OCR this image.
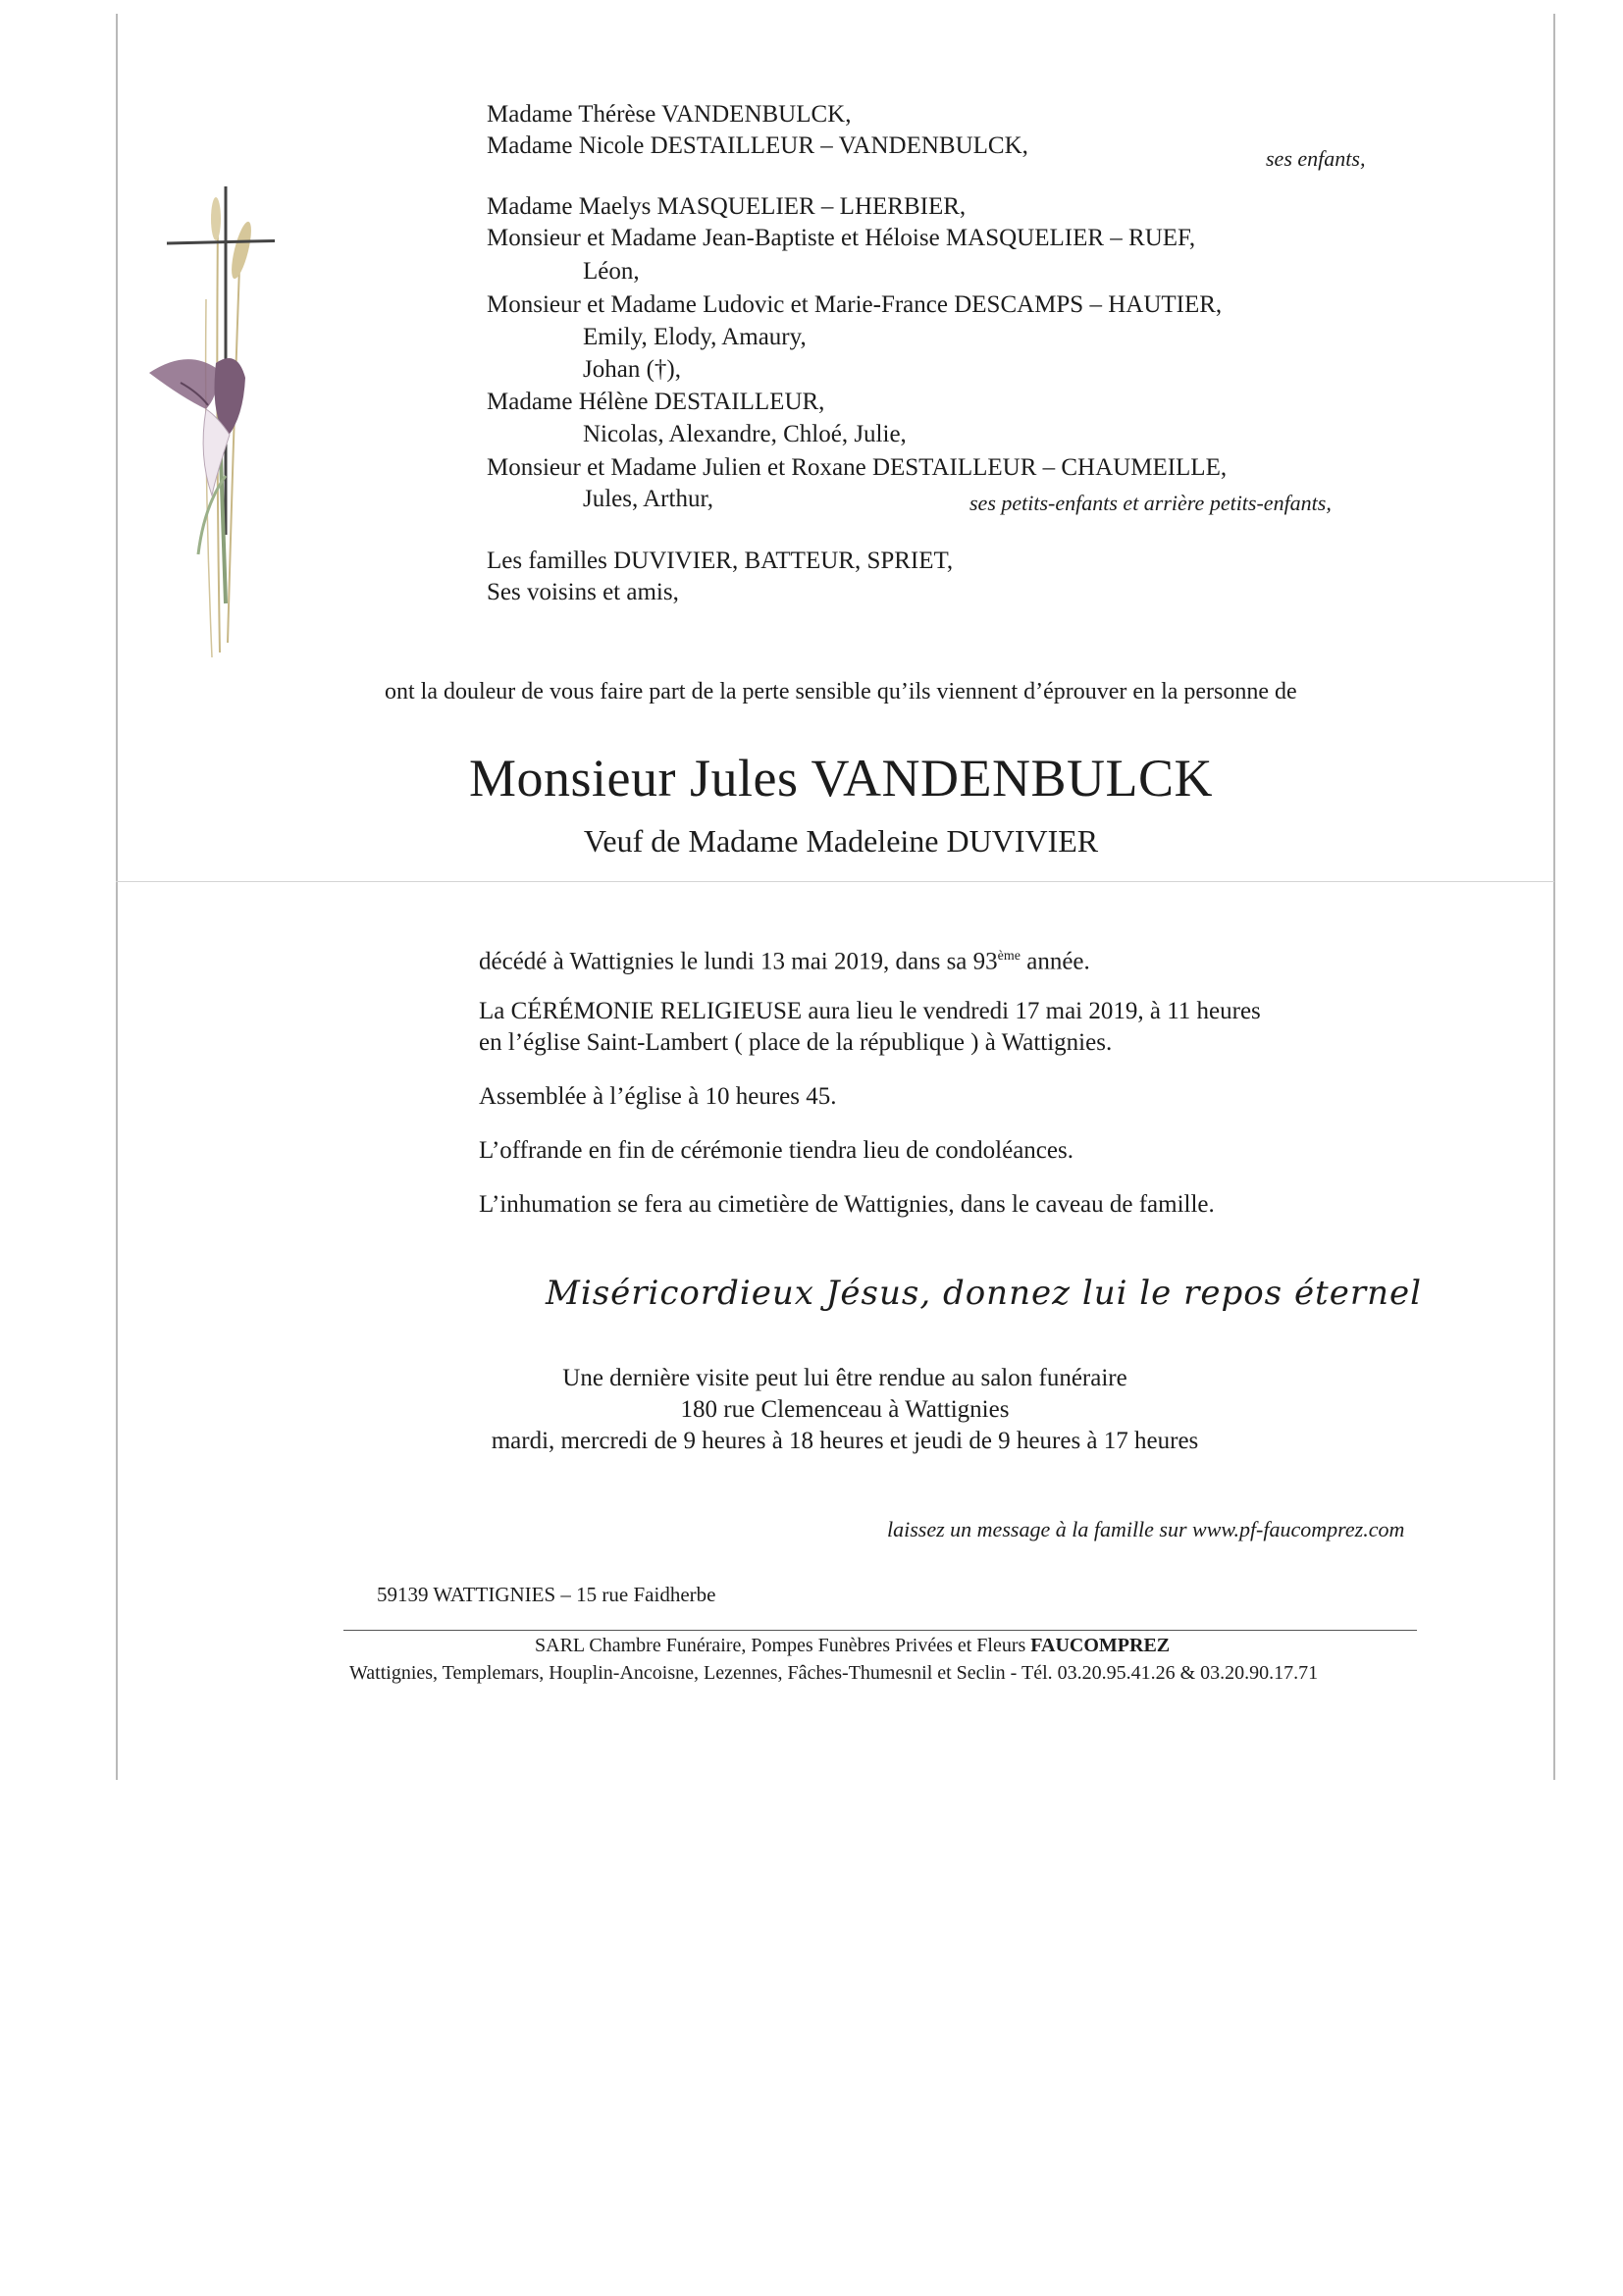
Madame Thérèse VANDENBULCK,
Madame Nicole DESTAILLEUR – VANDENBULCK,	ses enfants,
Madame Maelys MASQUELIER – LHERBIER,
Monsieur et Madame Jean-Baptiste et Héloise MASQUELIER – RUEF,
Léon,
Monsieur et Madame Ludovic et Marie-France DESCAMPS – HAUTIER,
Emily, Elody, Amaury,
Johan (†),
Madame Hélène DESTAILLEUR,
Nicolas, Alexandre, Chloé, Julie,
Monsieur et Madame Julien et Roxane DESTAILLEUR – CHAUMEILLE,
Jules, Arthur,	ses petits-enfants et arrière petits-enfants,
Les familles DUVIVIER, BATTEUR, SPRIET,
Ses voisins et amis,
ont la douleur de vous faire part de la perte sensible qu’ils viennent d’éprouver en la personne de
Monsieur Jules VANDENBULCK
Veuf de Madame Madeleine DUVIVIER
décédé à Wattignies le lundi 13 mai 2019, dans sa 93ème année.
La CÉRÉMONIE RELIGIEUSE aura lieu le vendredi 17 mai 2019, à 11 heures
en l’église Saint-Lambert ( place de la république ) à Wattignies.
Assemblée à l’église à 10 heures 45.
L’offrande en fin de cérémonie tiendra lieu de condoléances.
L’inhumation se fera au cimetière de Wattignies, dans le caveau de famille.
Miséricordieux Jésus, donnez lui le repos éternel
Une dernière visite peut lui être rendue au salon funéraire
180 rue Clemenceau à Wattignies
mardi, mercredi de 9 heures à 18 heures et jeudi de 9 heures à 17 heures
laissez un message à la famille sur www.pf-faucomprez.com
59139 WATTIGNIES – 15 rue Faidherbe
SARL Chambre Funéraire, Pompes Funèbres Privées et Fleurs FAUCOMPREZ
Wattignies, Templemars, Houplin-Ancoisne, Lezennes, Fâches-Thumesnil et Seclin - Tél. 03.20.95.41.26 & 03.20.90.17.71
